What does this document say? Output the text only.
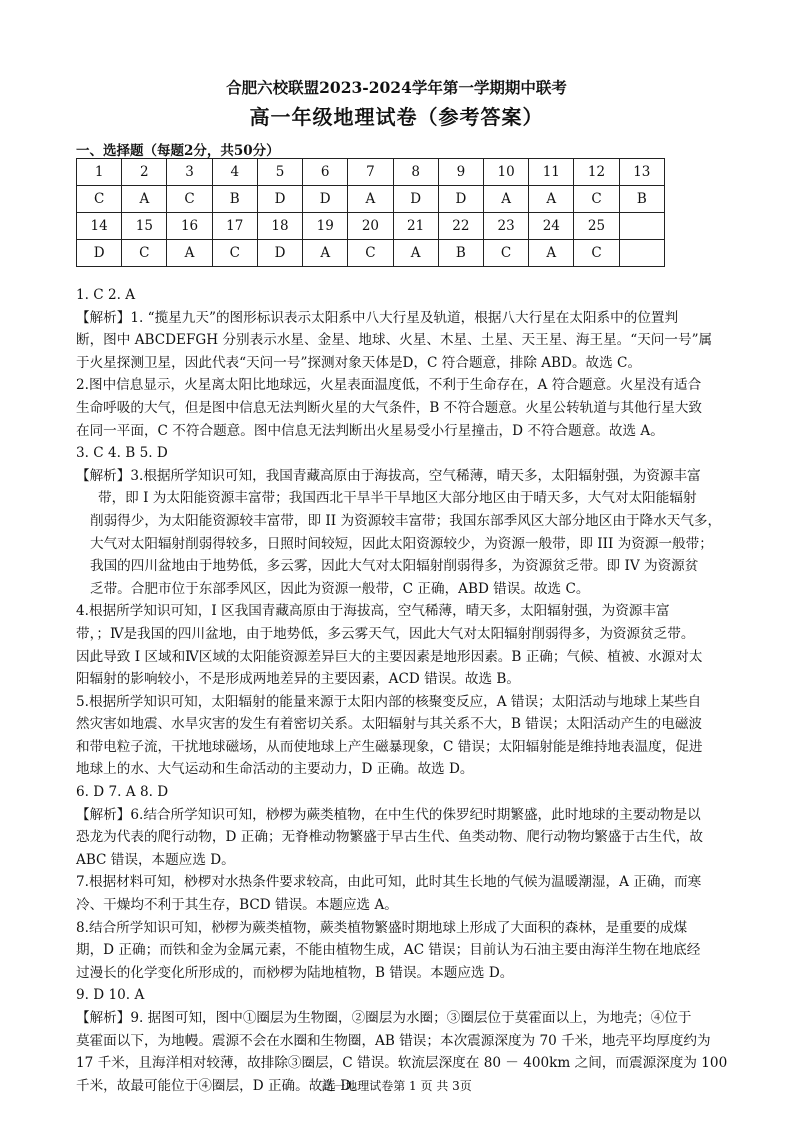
合肥六校联盟2023-2024学年第一学期期中联考
高一年级地理试卷（参考答案）
一、选择题（每题2分，共50分）
1	2	3	4	5	6	7	8	9	10	11	12	13
C	A	C	B	D	D	A	D	D	A	A	C	B
14	15	16	17	18	19	20	21	22	23	24	25	
D	C	A	C	D	A	C	A	B	C	A	C	
1. C 2. A
【解析】1. “揽星九天”的图形标识表示太阳系中八大行星及轨道，根据八大行星在太阳系中的位置判
断，图中 ABCDEFGH 分别表示水星、金星、地球、火星、木星、土星、天王星、海王星。“天问一号”属
于火星探测卫星，因此代表“天问一号”探测对象天体是D，C 符合题意，排除 ABD。故选 C。
2.图中信息显示，火星离太阳比地球远，火星表面温度低，不利于生命存在，A 符合题意。火星没有适合
生命呼吸的大气，但是图中信息无法判断火星的大气条件，B 不符合题意。火星公转轨道与其他行星大致
在同一平面，C 不符合题意。图中信息无法判断出火星易受小行星撞击，D 不符合题意。故选 A。
3. C 4. B 5. D
【解析】3.根据所学知识可知，我国青藏高原由于海拔高，空气稀薄，晴天多，太阳辐射强，为资源丰富
带，即 I 为太阳能资源丰富带；我国西北干旱半干旱地区大部分地区由于晴天多，大气对太阳能辐射
削弱得少，为太阳能资源较丰富带，即 II 为资源较丰富带；我国东部季风区大部分地区由于降水天气多，
大气对太阳辐射削弱得较多，日照时间较短，因此太阳资源较少，为资源一般带，即 III 为资源一般带；
我国的四川盆地由于地势低，多云雾，因此大气对太阳辐射削弱得多，为资源贫乏带。即 IV 为资源贫
乏带。合肥市位于东部季风区，因此为资源一般带，C 正确，ABD 错误。故选 C。
4.根据所学知识可知，I 区我国青藏高原由于海拔高，空气稀薄，晴天多，太阳辐射强，为资源丰富
带，；Ⅳ是我国的四川盆地，由于地势低，多云雾天气，因此大气对太阳辐射削弱得多，为资源贫乏带。
因此导致 I 区域和Ⅳ区域的太阳能资源差异巨大的主要因素是地形因素。B 正确；气候、植被、水源对太
阳辐射的影响较小，不是形成两地差异的主要因素，ACD 错误。故选 B。
5.根据所学知识可知，太阳辐射的能量来源于太阳内部的核聚变反应，A 错误；太阳活动与地球上某些自
然灾害如地震、水旱灾害的发生有着密切关系。太阳辐射与其关系不大，B 错误；太阳活动产生的电磁波
和带电粒子流，干扰地球磁场，从而使地球上产生磁暴现象，C 错误；太阳辐射能是维持地表温度，促进
地球上的水、大气运动和生命活动的主要动力，D 正确。故选 D。
6. D 7. A 8. D
【解析】6.结合所学知识可知，桫椤为蕨类植物，在中生代的侏罗纪时期繁盛，此时地球的主要动物是以
恐龙为代表的爬行动物，D 正确；无脊椎动物繁盛于早古生代、鱼类动物、爬行动物均繁盛于古生代，故
ABC 错误，本题应选 D。
7.根据材料可知，桫椤对水热条件要求较高，由此可知，此时其生长地的气候为温暖潮湿，A 正确，而寒
冷、干燥均不利于其生存，BCD 错误。本题应选 A。
8.结合所学知识可知，桫椤为蕨类植物，蕨类植物繁盛时期地球上形成了大面积的森林，是重要的成煤
期，D 正确；而铁和金为金属元素，不能由植物生成，AC 错误；目前认为石油主要由海洋生物在地底经
过漫长的化学变化所形成的，而桫椤为陆地植物，B 错误。本题应选 D。
9. D 10. A
【解析】9. 据图可知，图中①圈层为生物圈，②圈层为水圈；③圈层位于莫霍面以上，为地壳；④位于
莫霍面以下，为地幔。震源不会在水圈和生物圈，AB 错误；本次震源深度为 70 千米，地壳平均厚度约为
17 千米，且海洋相对较薄，故排除③圈层，C 错误。软流层深度在 80 － 400km 之间，而震源深度为 100
千米，故最可能位于④圈层，D 正确。故选 D。
高一地理试卷第 1 页 共 3页
